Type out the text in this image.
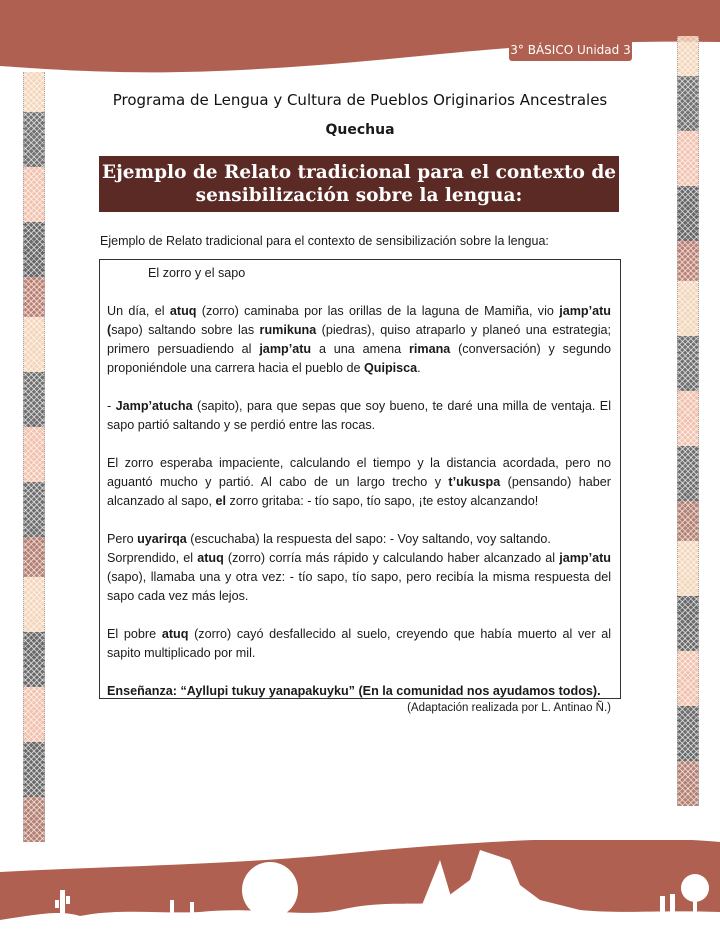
3° BÁSICO Unidad 3
Programa de Lengua y Cultura de Pueblos Originarios Ancestrales
Quechua
Ejemplo de Relato tradicional para el contexto de
sensibilización sobre la lengua:
Ejemplo de Relato tradicional para el contexto de sensibilización sobre la lengua:

El zorro y el sapo

Un día, el atuq (zorro) caminaba por las orillas de la laguna de Mamiña, vio jamp’atu (sapo) saltando sobre las rumikuna (piedras), quiso atraparlo y planeó una estrategia; primero persuadiendo al jamp’atu a una amena rimana (conversación) y segundo proponiéndole una carrera hacia el pueblo de Quipisca.

- Jamp’atucha (sapito), para que sepas que soy bueno, te daré una milla de ventaja. El sapo partió saltando y se perdió entre las rocas.

El zorro esperaba impaciente, calculando el tiempo y la distancia acordada, pero no aguantó mucho y partió. Al cabo de un largo trecho y t’ukuspa (pensando) haber alcanzado al sapo, el zorro gritaba: - tío sapo, tío sapo, ¡te estoy alcanzando!

Pero uyarirqa (escuchaba) la respuesta del sapo: - Voy saltando, voy saltando.

Sorprendido, el atuq (zorro) corría más rápido y calculando haber alcanzado al jamp’atu (sapo), llamaba una y otra vez: - tío sapo, tío sapo, pero recibía la misma respuesta del sapo cada vez más lejos.

El pobre atuq (zorro) cayó desfallecido al suelo, creyendo que había muerto al ver al sapito multiplicado por mil.

Enseñanza: “Ayllupi tukuy yanapakuyku” (En la comunidad nos ayudamos todos).

(Adaptación realizada por L. Antinao Ñ.)
